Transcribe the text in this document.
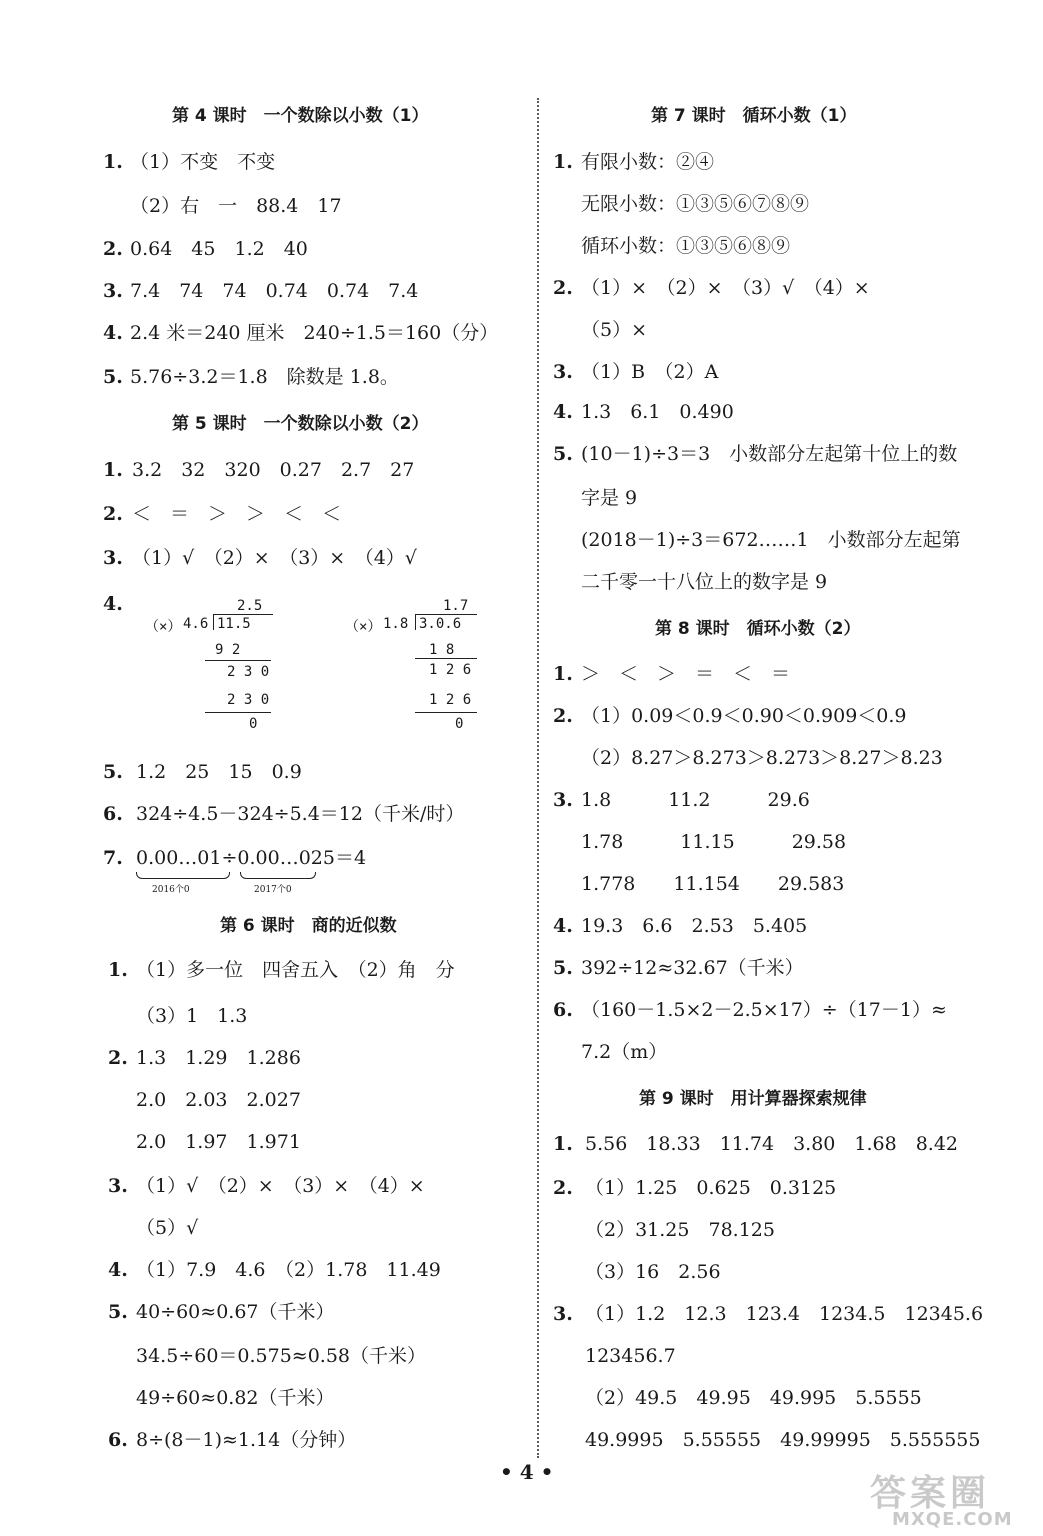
第 4 课时　一个数除以小数（1）
1. （1）不变　不变
（2）右　一　88.4　17
2. 0.64　45　1.2　40
3. 7.4　74　74　0.74　0.74　7.4
4. 2.4 米＝240 厘米　240÷1.5＝160（分）
5. 5.76÷3.2＝1.8　除数是 1.8。
第 5 课时　一个数除以小数（2）
1. 3.2　32　320　0.27　2.7　27
2. ＜　＝　＞　＞　＜　＜
3. （1）√　（2）×　（3）×　（4）√
4.
（×） 4.6
2.5
11.5
9 2
2 3 0
2 3 0
0
（×） 1.8
1.7
3.0.6
1 8
1 2 6
1 2 6
0
5. 1.2　25　15　0.9
6. 324÷4.5－324÷5.4＝12（千米/时）
7. 0.00…01÷0.00…025＝4
2016个0	2017个0
第 6 课时　商的近似数
1. （1）多一位　四舍五入　（2）角　分
（3）1　1.3
2. 1.3　1.29　1.286
2.0　2.03　2.027
2.0　1.97　1.971
3. （1）√　（2）×　（3）×　（4）×
（5）√
4. （1）7.9　4.6　（2）1.78　11.49
5. 40÷60≈0.67（千米）
34.5÷60＝0.575≈0.58（千米）
49÷60≈0.82（千米）
6. 8÷(8－1)≈1.14（分钟）
第 7 课时　循环小数（1）
1. 有限小数：②④
无限小数：①③⑤⑥⑦⑧⑨
循环小数：①③⑤⑥⑧⑨
2. （1）×　（2）×　（3）√　（4）×
（5）×
3. （1）B　（2）A
4. 1.3　6.1　0.490
5. (10－1)÷3＝3　小数部分左起第十位上的数
字是 9
(2018－1)÷3＝672……1　小数部分左起第
二千零一十八位上的数字是 9
第 8 课时　循环小数（2）
1. ＞　＜　＞　＝　＜　＝
2. （1）0.09＜0.9＜0.90＜0.909＜0.9
（2）8.27＞8.273＞8.273＞8.27＞8.23
3. 1.8　　　11.2　　　29.6
1.78　　　11.15　　　29.58
1.778　　11.154　　29.583
4. 19.3　6.6　2.53　5.405
5. 392÷12≈32.67（千米）
6. （160－1.5×2－2.5×17）÷（17－1）≈
7.2（m）
第 9 课时　用计算器探索规律
1. 5.56　18.33　11.74　3.80　1.68　8.42
2. （1）1.25　0.625　0.3125
（2）31.25　78.125
（3）16　2.56
3. （1）1.2　12.3　123.4　1234.5　12345.6
123456.7
（2）49.5　49.95　49.995　5.5555
49.9995　5.55555　49.99995　5.555555
• 4 •
答案圈
MXQE.COM
